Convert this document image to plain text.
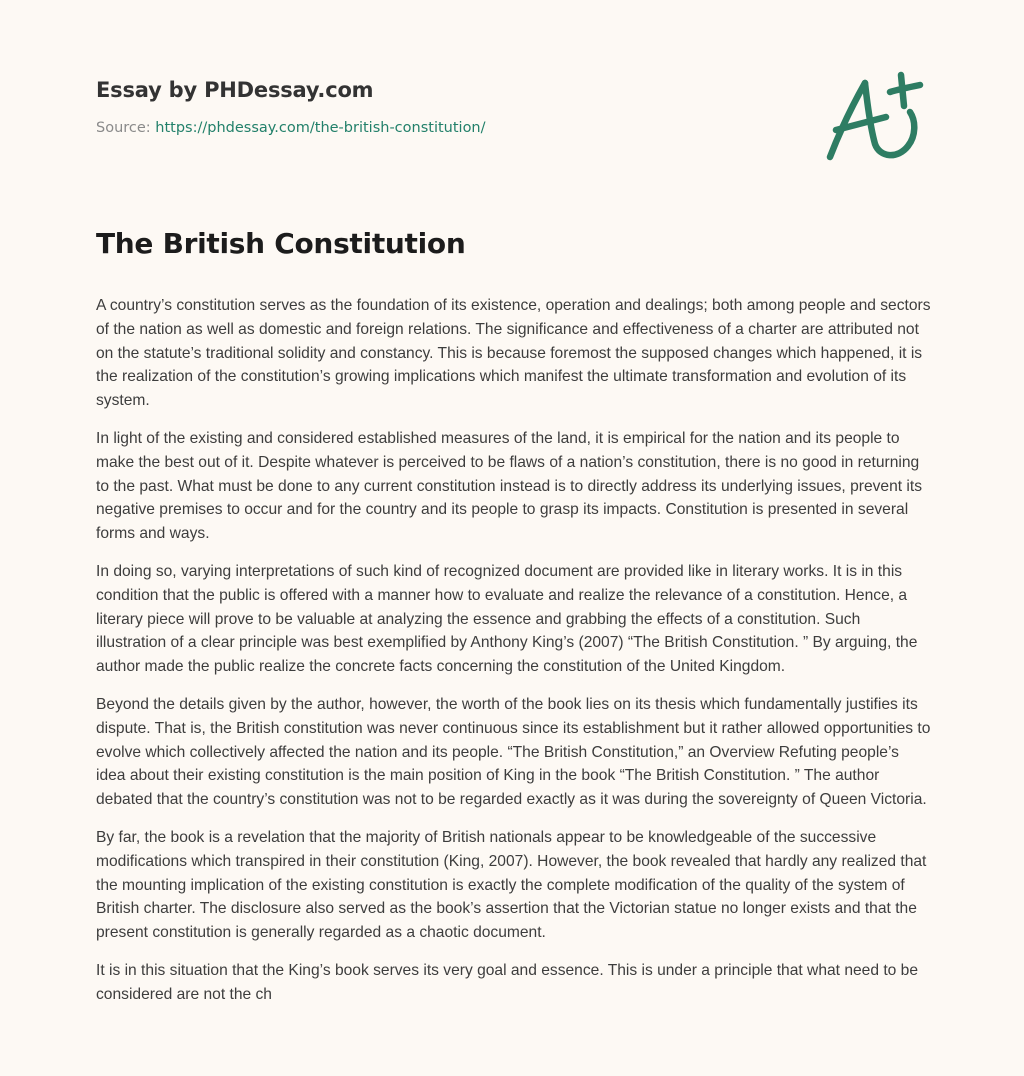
Essay by PHDessay.com
Source: https://phdessay.com/the-british-constitution/
The British Constitution

A country’s constitution serves as the foundation of its existence, operation and dealings; both among people and sectors of the nation as well as domestic and foreign relations. The significance and effectiveness of a charter are attributed not on the statute’s traditional solidity and constancy. This is because foremost the supposed changes which happened, it is the realization of the constitution’s growing implications which manifest the ultimate transformation and evolution of its system.

In light of the existing and considered established measures of the land, it is empirical for the nation and its people to make the best out of it. Despite whatever is perceived to be flaws of a nation’s constitution, there is no good in returning to the past. What must be done to any current constitution instead is to directly address its underlying issues, prevent its negative premises to occur and for the country and its people to grasp its impacts. Constitution is presented in several forms and ways.

In doing so, varying interpretations of such kind of recognized document are provided like in literary works. It is in this condition that the public is offered with a manner how to evaluate and realize the relevance of a constitution. Hence, a literary piece will prove to be valuable at analyzing the essence and grabbing the effects of a constitution. Such illustration of a clear principle was best exemplified by Anthony King’s (2007) “The British Constitution. ” By arguing, the author made the public realize the concrete facts concerning the constitution of the United Kingdom.

Beyond the details given by the author, however, the worth of the book lies on its thesis which fundamentally justifies its dispute. That is, the British constitution was never continuous since its establishment but it rather allowed opportunities to evolve which collectively affected the nation and its people. “The British Constitution,” an Overview Refuting people’s idea about their existing constitution is the main position of King in the book “The British Constitution. ” The author debated that the country’s constitution was not to be regarded exactly as it was during the sovereignty of Queen Victoria.

By far, the book is a revelation that the majority of British nationals appear to be knowledgeable of the successive modifications which transpired in their constitution (King, 2007). However, the book revealed that hardly any realized that the mounting implication of the existing constitution is exactly the complete modification of the quality of the system of British charter. The disclosure also served as the book’s assertion that the Victorian statue no longer exists and that the present constitution is generally regarded as a chaotic document.

It is in this situation that the King’s book serves its very goal and essence. This is under a principle that what need to be considered are not the ch
